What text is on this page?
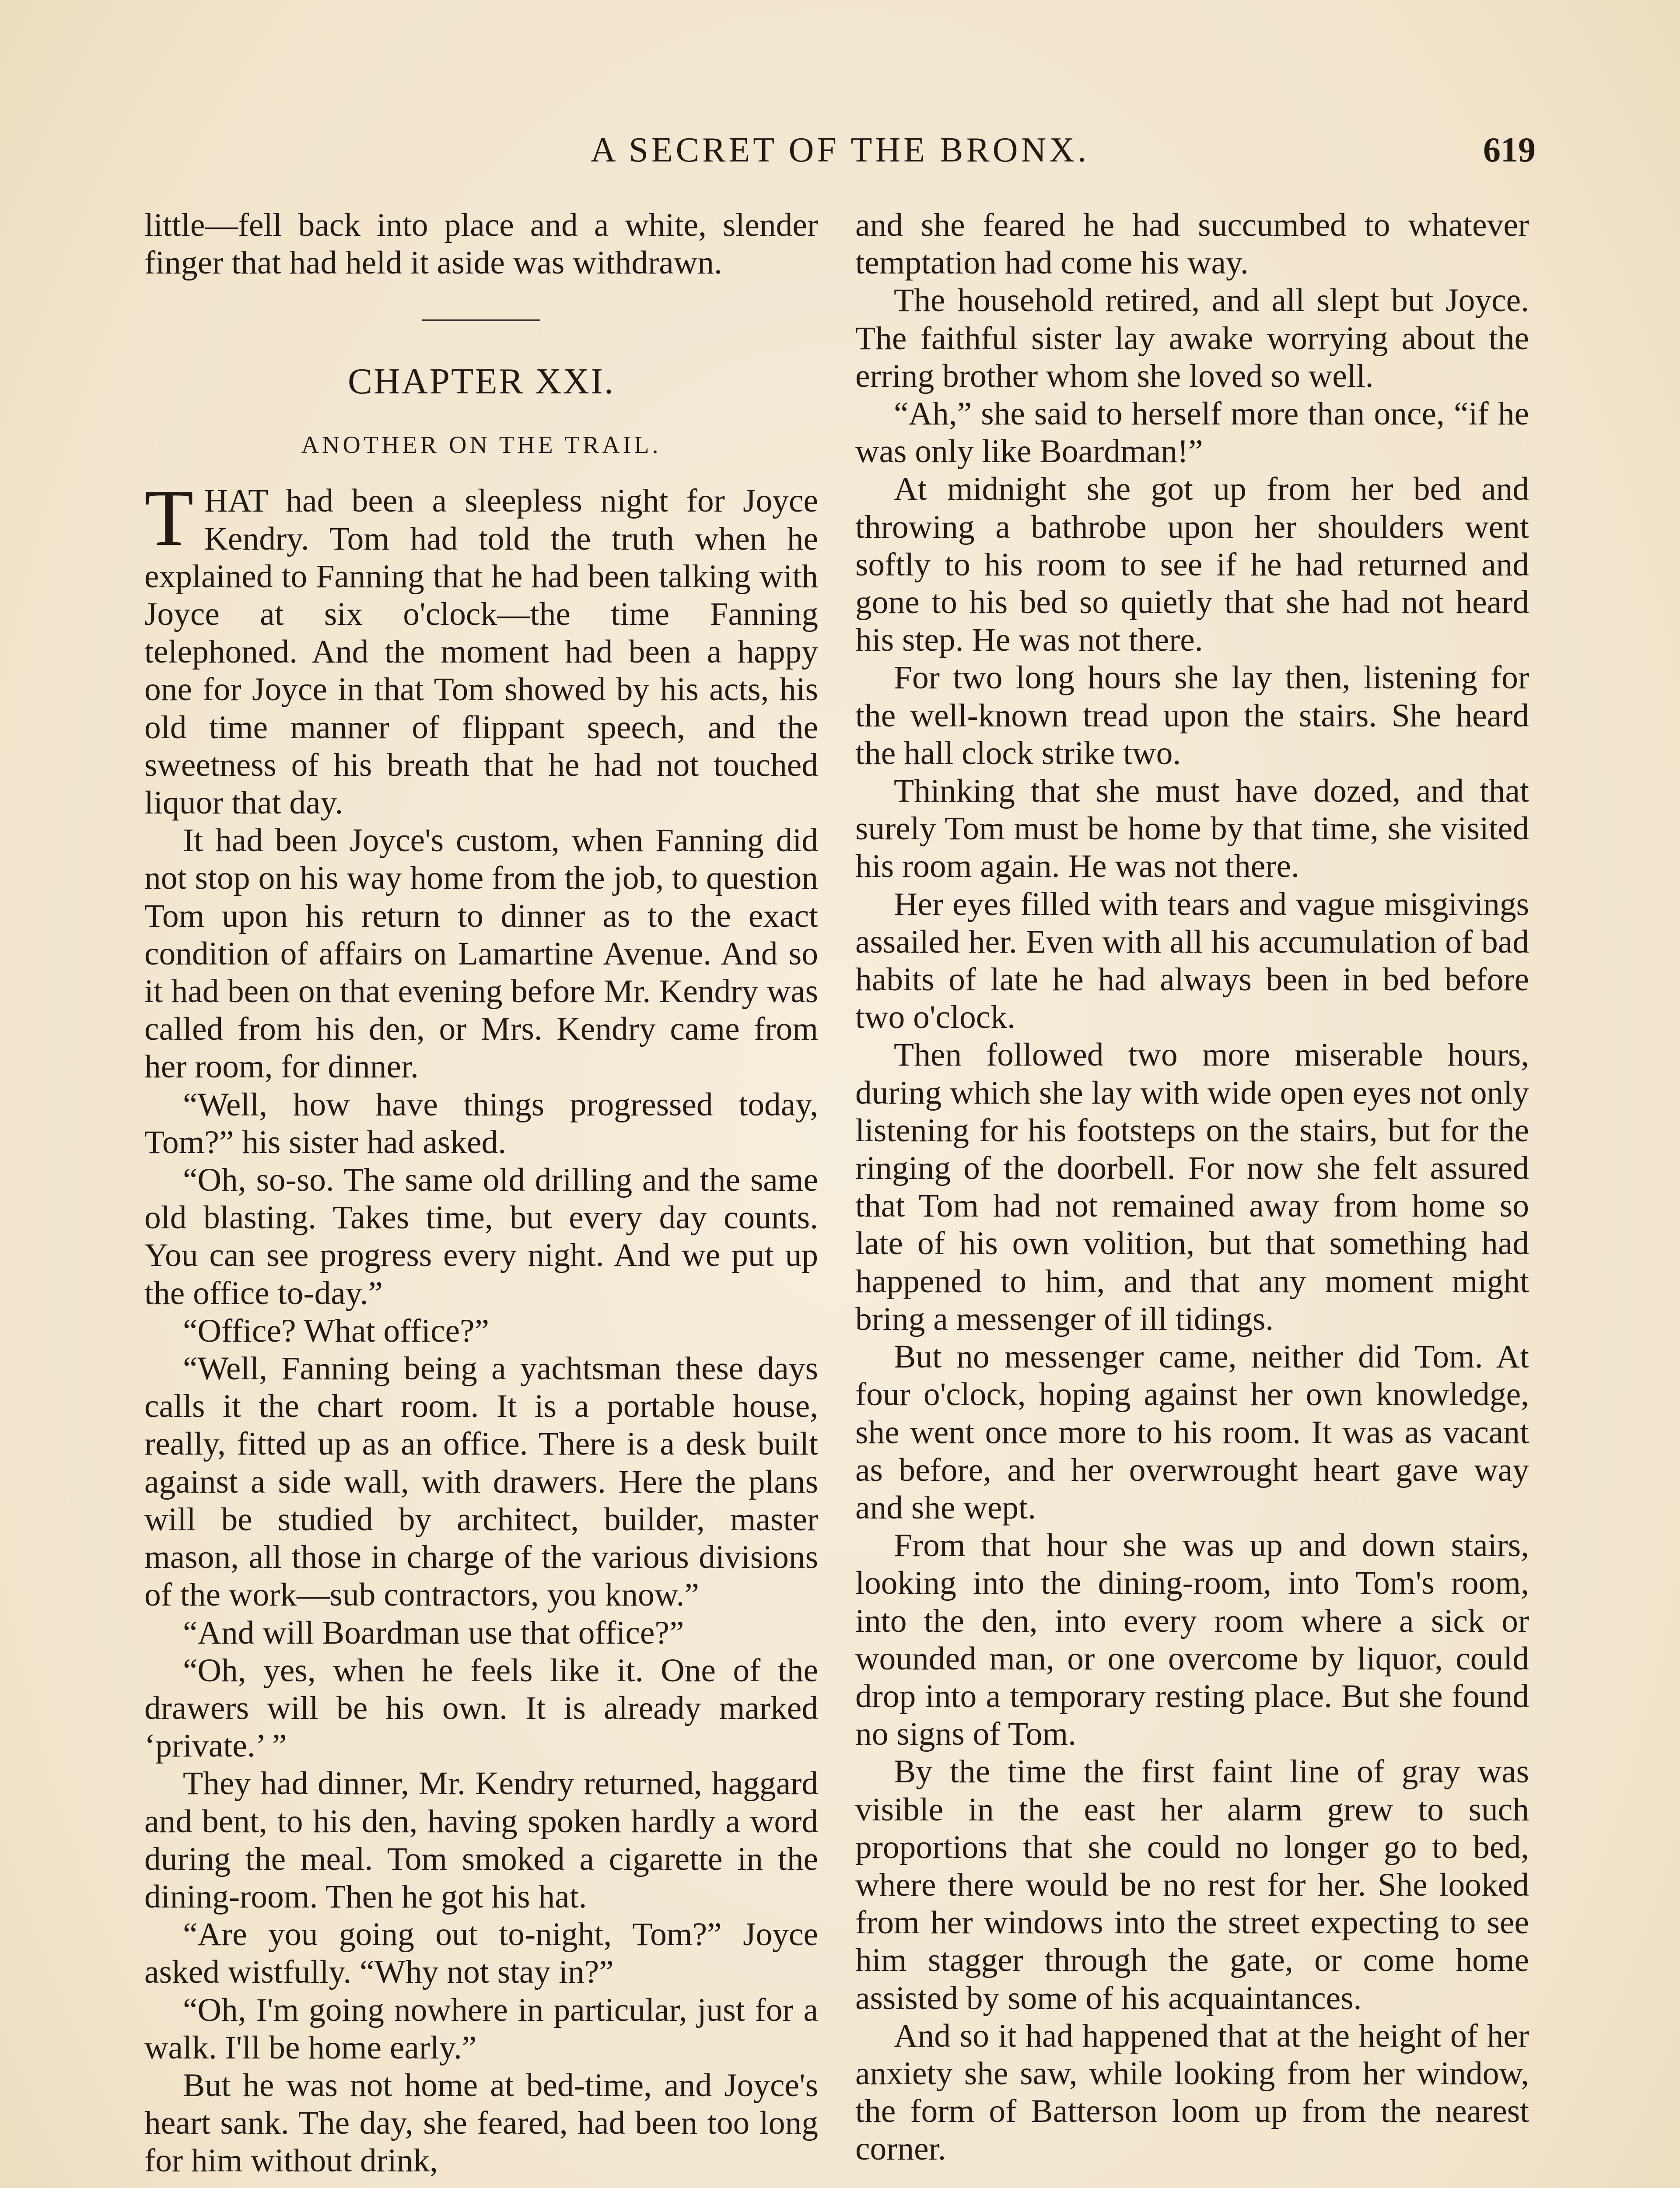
A SECRET OF THE BRONX.	619

little—fell back into place and a white, slender finger that had held it aside was withdrawn.

CHAPTER XXI.
ANOTHER ON THE TRAIL.

THAT had been a sleepless night for Joyce Kendry. Tom had told the truth when he explained to Fanning that he had been talking with Joyce at six o'clock—the time Fanning telephoned. And the moment had been a happy one for Joyce in that Tom showed by his acts, his old time manner of flippant speech, and the sweetness of his breath that he had not touched liquor that day.

It had been Joyce's custom, when Fanning did not stop on his way home from the job, to question Tom upon his return to dinner as to the exact condition of affairs on Lamartine Avenue. And so it had been on that evening before Mr. Kendry was called from his den, or Mrs. Kendry came from her room, for dinner.

“Well, how have things progressed today, Tom?” his sister had asked.

“Oh, so-so. The same old drilling and the same old blasting. Takes time, but every day counts. You can see progress every night. And we put up the office to-day.”

“Office? What office?”

“Well, Fanning being a yachtsman these days calls it the chart room. It is a portable house, really, fitted up as an office. There is a desk built against a side wall, with drawers. Here the plans will be studied by architect, builder, master mason, all those in charge of the various divisions of the work—sub contractors, you know.”

“And will Boardman use that office?”

“Oh, yes, when he feels like it. One of the drawers will be his own. It is already marked ‘private.’ ”

They had dinner, Mr. Kendry returned, haggard and bent, to his den, having spoken hardly a word during the meal. Tom smoked a cigarette in the dining-room. Then he got his hat.

“Are you going out to-night, Tom?” Joyce asked wistfully. “Why not stay in?”

“Oh, I'm going nowhere in particular, just for a walk. I'll be home early.”

But he was not home at bed-time, and Joyce's heart sank. The day, she feared, had been too long for him without drink,

and she feared he had succumbed to whatever temptation had come his way.

The household retired, and all slept but Joyce. The faithful sister lay awake worrying about the erring brother whom she loved so well.

“Ah,” she said to herself more than once, “if he was only like Boardman!”

At midnight she got up from her bed and throwing a bathrobe upon her shoulders went softly to his room to see if he had returned and gone to his bed so quietly that she had not heard his step. He was not there.

For two long hours she lay then, listening for the well-known tread upon the stairs. She heard the hall clock strike two.

Thinking that she must have dozed, and that surely Tom must be home by that time, she visited his room again. He was not there.

Her eyes filled with tears and vague misgivings assailed her. Even with all his accumulation of bad habits of late he had always been in bed before two o'clock.

Then followed two more miserable hours, during which she lay with wide open eyes not only listening for his footsteps on the stairs, but for the ringing of the doorbell. For now she felt assured that Tom had not remained away from home so late of his own volition, but that something had happened to him, and that any moment might bring a messenger of ill tidings.

But no messenger came, neither did Tom. At four o'clock, hoping against her own knowledge, she went once more to his room. It was as vacant as before, and her overwrought heart gave way and she wept.

From that hour she was up and down stairs, looking into the dining-room, into Tom's room, into the den, into every room where a sick or wounded man, or one overcome by liquor, could drop into a temporary resting place. But she found no signs of Tom.

By the time the first faint line of gray was visible in the east her alarm grew to such proportions that she could no longer go to bed, where there would be no rest for her. She looked from her windows into the street expecting to see him stagger through the gate, or come home assisted by some of his acquaintances.

And so it had happened that at the height of her anxiety she saw, while looking from her window, the form of Batterson loom up from the nearest corner.
